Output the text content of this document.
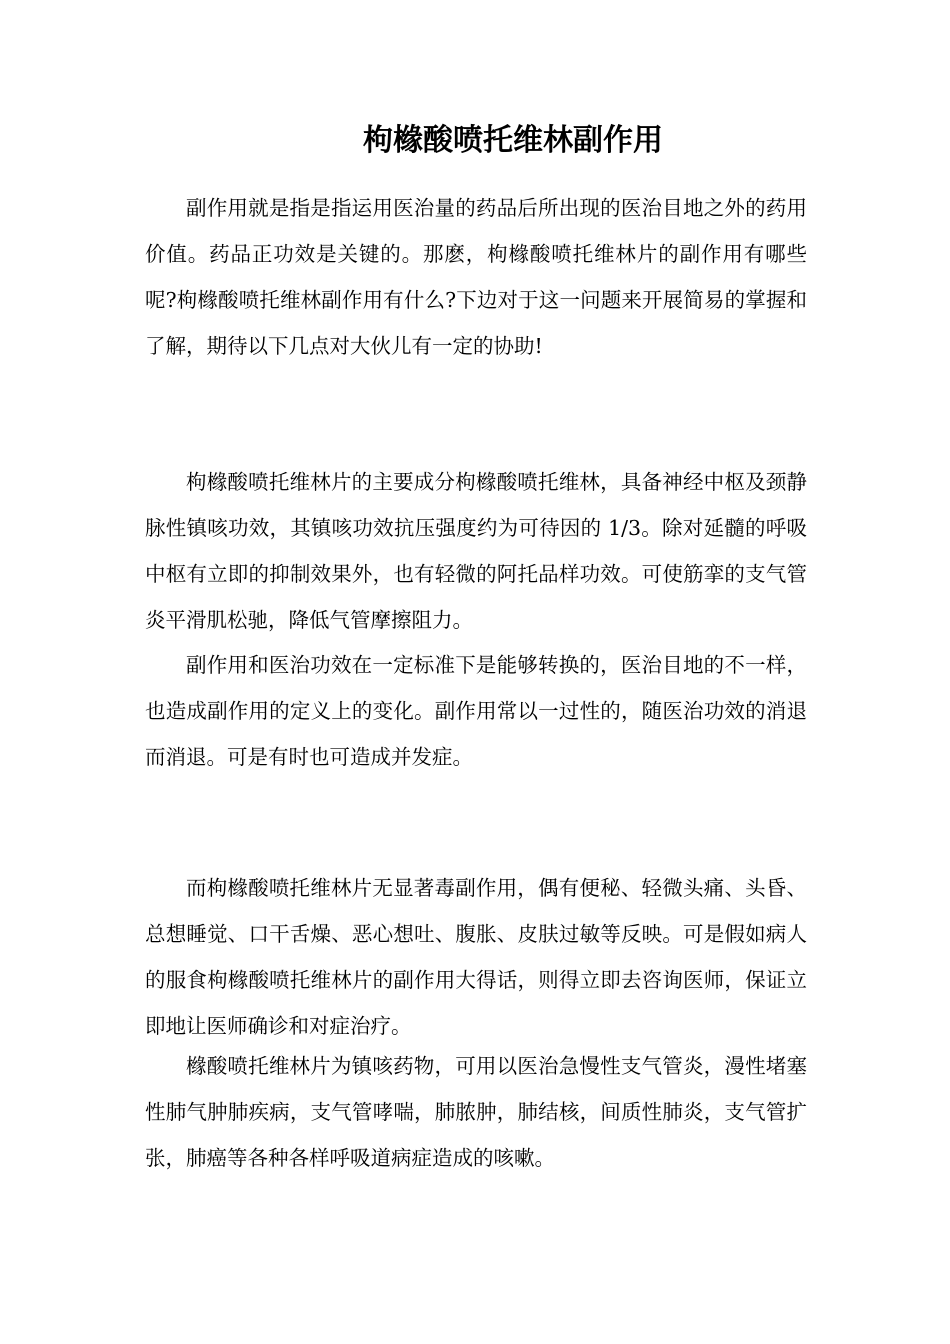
枸橼酸喷托维林副作用

副作用就是指是指运用医治量的药品后所出现的医治目地之外的药用价值。药品正功效是关键的。那麽，枸橼酸喷托维林片的副作用有哪些呢?枸橼酸喷托维林副作用有什么?下边对于这一问题来开展简易的掌握和了解，期待以下几点对大伙儿有一定的协助!

枸橼酸喷托维林片的主要成分枸橼酸喷托维林，具备神经中枢及颈静脉性镇咳功效，其镇咳功效抗压强度约为可待因的 1/3。除对延髓的呼吸中枢有立即的抑制效果外，也有轻微的阿托品样功效。可使筋挛的支气管炎平滑肌松驰，降低气管摩擦阻力。

副作用和医治功效在一定标准下是能够转换的，医治目地的不一样，也造成副作用的定义上的变化。副作用常以一过性的，随医治功效的消退而消退。可是有时也可造成并发症。

而枸橼酸喷托维林片无显著毒副作用，偶有便秘、轻微头痛、头昏、总想睡觉、口干舌燥、恶心想吐、腹胀、皮肤过敏等反映。可是假如病人的服食枸橼酸喷托维林片的副作用大得话，则得立即去咨询医师，保证立即地让医师确诊和对症治疗。

橼酸喷托维林片为镇咳药物，可用以医治急慢性支气管炎，漫性堵塞性肺气肿肺疾病，支气管哮喘，肺脓肿，肺结核，间质性肺炎，支气管扩张，肺癌等各种各样呼吸道病症造成的咳嗽。
